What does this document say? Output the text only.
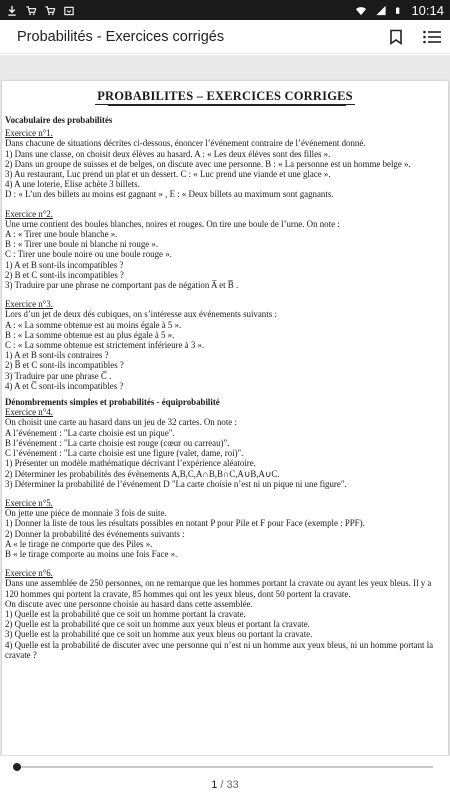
10:14
Probabilités - Exercices corrigés
PROBABILITES – EXERCICES CORRIGES

Vocabulaire des probabilités

Exercice n°1.

Dans chacune de situations décrites ci-dessous, énoncer l’événement contraire de l’événement donné.

1) Dans une classe, on choisit deux élèves au hasard. A : « Les deux élèves sont des filles ».

2) Dans un groupe de suisses et de belges, on discute avec une personne. B : « La personne est un homme belge ».

3) Au restaurant, Luc prend un plat et un dessert. C : « Luc prend une viande et une glace ».

4) A une loterie, Elise achète 3 billets.

D : « L’un des billets au moins est gagnant » , E : « Deux billets au maximum sont gagnants.

Exercice n°2.

Une urne contient des boules blanches, noires et rouges. On tire une boule de l’urne. On note :

A : « Tirer une boule blanche ».

B : « Tirer une boule ni blanche ni rouge ».

C : Tirer une boule noire ou une boule rouge ».

1) A et B sont-ils incompatibles ?

2) B et C sont-ils incompatibles ?

3) Traduire par une phrase ne comportant pas de négation A̅ et B̅ .

Exercice n°3.

Lors d’un jet de deux dés cubiques, on s’intéresse aux événements suivants :

A : « La somme obtenue est au moins égale à 5 ».

B : « La somme obtenue est au plus égale à 5 ».

C : « La somme obtenue est strictement inférieure à 3 ».

1) A et B sont-ils contraires ?

2) B̅ et C sont-ils incompatibles ?

3) Traduire par une phrase C̅ .

4) A et C̅ sont-ils incompatibles ?

Dénombrements simples et probabilités - équiprobabilité

Exercice n°4.

On choisit une carte au hasard dans un jeu de 32 cartes. On note :

A l’événement : "La carte choisie est un pique".

B l’événement : "La carte choisie est rouge (cœur ou carreau)".

C l’événement : "La carte choisie est une figure (valet, dame, roi)".

1) Présenter un modèle mathématique décrivant l’expérience aléatoire.

2) Déterminer les probabilités des évènements A,B,C,A∩B,B∩C,A∪B,A∪C.

3) Déterminer la probabilité de l’événement D "La carte choisie n’est ni un pique ni une figure".

Exercice n°5.

On jette une pièce de monnaie 3 fois de suite.

1) Donner la liste de tous les résultats possibles en notant P pour Pile et F pour Face (exemple : PPF).

2) Donner la probabilité des événements suivants :

A « le tirage ne comporte que des Piles ».

B « le tirage comporte au moins une fois Face ».

Exercice n°6.

Dans une assemblée de 250 personnes, on ne remarque que les hommes portant la cravate ou ayant les yeux bleus. Il y a 120 hommes qui portent la cravate, 85 hommes qui ont les yeux bleus, dont 50 portent la cravate.

On discute avec une personne choisie au hasard dans cette assemblée.

1) Quelle est la probabilité que ce soit un homme portant la cravate.

2) Quelle est la probabilité que ce soit un homme aux yeux bleus et portant la cravate.

3) Quelle est la probabilité que ce soit un homme aux yeux bleus ou portant la cravate.

4) Quelle est la probabilité de discuter avec une personne qui n’est ni un homme aux yeux bleus, ni un homme portant la cravate ?

1 / 33
